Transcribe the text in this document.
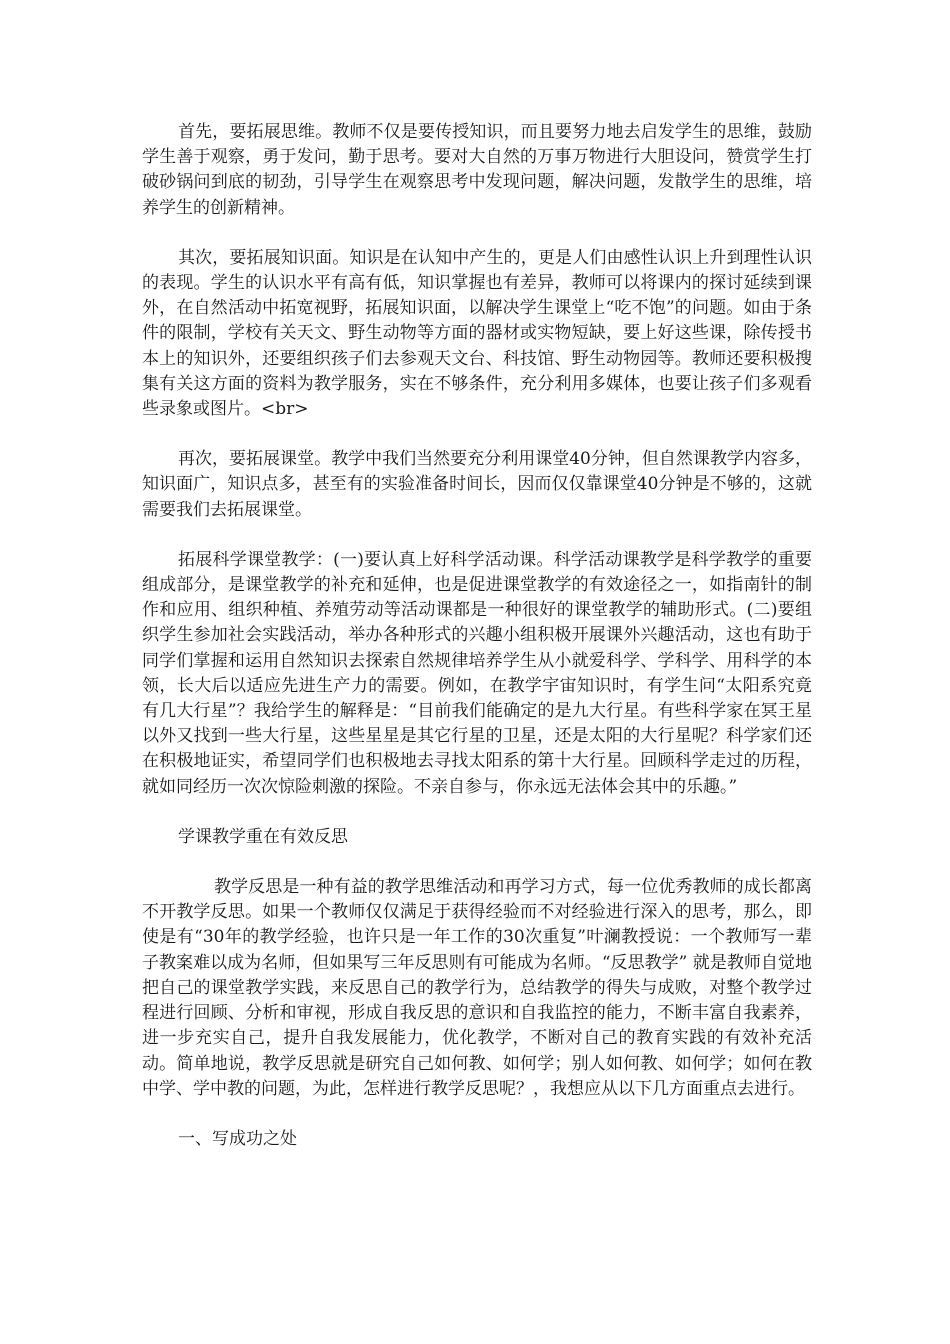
首先，要拓展思维。教师不仅是要传授知识，而且要努力地去启发学生的思维，鼓励学生善于观察，勇于发问，勤于思考。要对大自然的万事万物进行大胆设问，赞赏学生打破砂锅问到底的韧劲，引导学生在观察思考中发现问题，解决问题，发散学生的思维，培养学生的创新精神。

其次，要拓展知识面。知识是在认知中产生的，更是人们由感性认识上升到理性认识的表现。学生的认识水平有高有低，知识掌握也有差异，教师可以将课内的探讨延续到课外，在自然活动中拓宽视野，拓展知识面，以解决学生课堂上“吃不饱”的问题。如由于条件的限制，学校有关天文、野生动物等方面的器材或实物短缺，要上好这些课，除传授书本上的知识外，还要组织孩子们去参观天文台、科技馆、野生动物园等。教师还要积极搜集有关这方面的资料为教学服务，实在不够条件，充分利用多媒体，也要让孩子们多观看些录象或图片。<br>

再次，要拓展课堂。教学中我们当然要充分利用课堂40分钟，但自然课教学内容多，知识面广，知识点多，甚至有的实验准备时间长，因而仅仅靠课堂40分钟是不够的，这就需要我们去拓展课堂。

拓展科学课堂教学：(一)要认真上好科学活动课。科学活动课教学是科学教学的重要组成部分，是课堂教学的补充和延伸，也是促进课堂教学的有效途径之一，如指南针的制作和应用、组织种植、养殖劳动等活动课都是一种很好的课堂教学的辅助形式。(二)要组织学生参加社会实践活动，举办各种形式的兴趣小组积极开展课外兴趣活动，这也有助于同学们掌握和运用自然知识去探索自然规律培养学生从小就爱科学、学科学、用科学的本领，长大后以适应先进生产力的需要。例如，在教学宇宙知识时，有学生问“太阳系究竟有几大行星”？我给学生的解释是：“目前我们能确定的是九大行星。有些科学家在冥王星以外又找到一些大行星，这些星星是其它行星的卫星，还是太阳的大行星呢？科学家们还在积极地证实，希望同学们也积极地去寻找太阳系的第十大行星。回顾科学走过的历程，就如同经历一次次惊险刺激的探险。不亲自参与，你永远无法体会其中的乐趣。”

学课教学重在有效反思

教学反思是一种有益的教学思维活动和再学习方式，每一位优秀教师的成长都离不开教学反思。如果一个教师仅仅满足于获得经验而不对经验进行深入的思考，那么，即使是有“30年的教学经验，也许只是一年工作的30次重复”叶澜教授说：一个教师写一辈子教案难以成为名师，但如果写三年反思则有可能成为名师。“反思教学” 就是教师自觉地把自己的课堂教学实践，来反思自己的教学行为，总结教学的得失与成败，对整个教学过程进行回顾、分析和审视，形成自我反思的意识和自我监控的能力，不断丰富自我素养，进一步充实自己，提升自我发展能力，优化教学，不断对自己的教育实践的有效补充活动。简单地说，教学反思就是研究自己如何教、如何学；别人如何教、如何学；如何在教中学、学中教的问题，为此，怎样进行教学反思呢？，我想应从以下几方面重点去进行。

一、写成功之处
